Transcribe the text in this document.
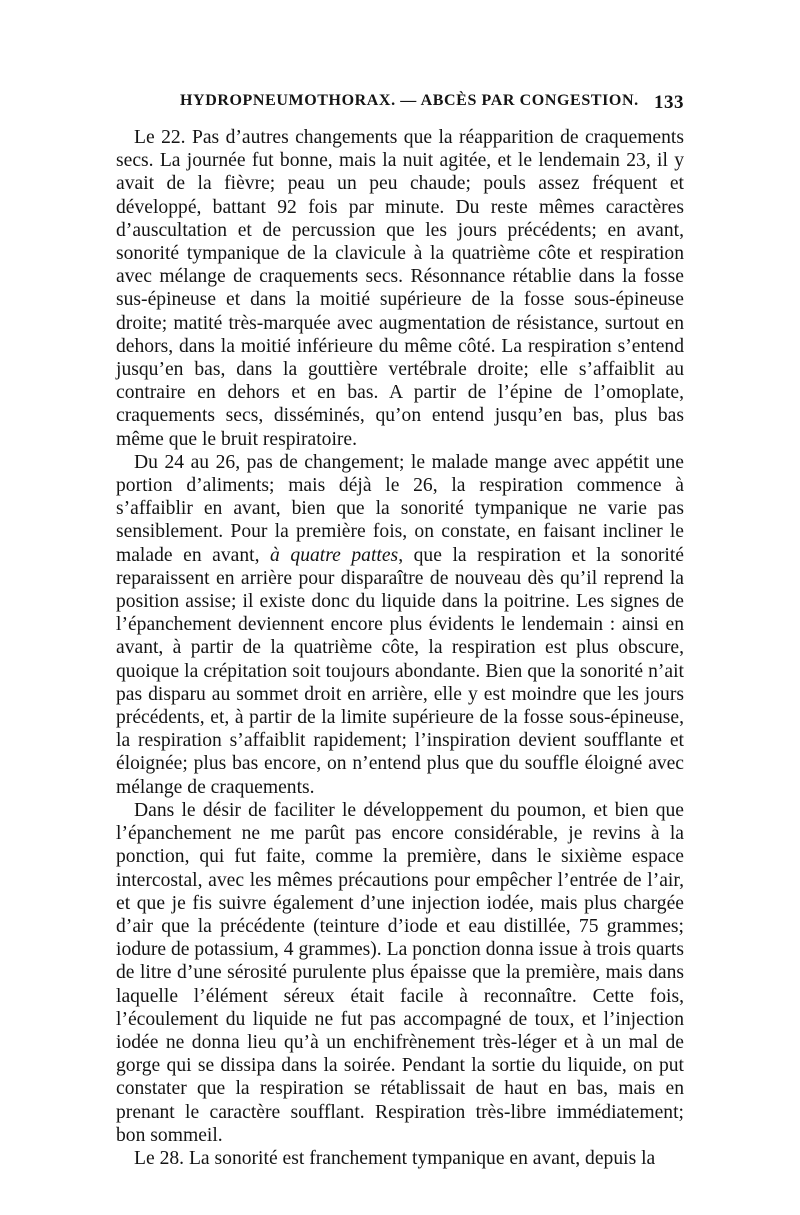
HYDROPNEUMOTHORAX. — ABCÈS PAR CONGESTION. 133

Le 22. Pas d’autres changements que la réapparition de craquements secs. La journée fut bonne, mais la nuit agitée, et le lendemain 23, il y avait de la fièvre; peau un peu chaude; pouls assez fréquent et développé, battant 92 fois par minute. Du reste mêmes caractères d’auscultation et de percussion que les jours précédents; en avant, sonorité tympanique de la clavicule à la quatrième côte et respiration avec mélange de craquements secs. Résonnance rétablie dans la fosse sus-épineuse et dans la moitié supérieure de la fosse sous-épineuse droite; matité très-marquée avec augmentation de résistance, surtout en dehors, dans la moitié inférieure du même côté. La respiration s’entend jusqu’en bas, dans la gouttière vertébrale droite; elle s’affaiblit au contraire en dehors et en bas. A partir de l’épine de l’omoplate, craquements secs, disséminés, qu’on entend jusqu’en bas, plus bas même que le bruit respiratoire.

Du 24 au 26, pas de changement; le malade mange avec appétit une portion d’aliments; mais déjà le 26, la respiration commence à s’affaiblir en avant, bien que la sonorité tympanique ne varie pas sensiblement. Pour la première fois, on constate, en faisant incliner le malade en avant, à quatre pattes, que la respiration et la sonorité reparaissent en arrière pour disparaître de nouveau dès qu’il reprend la position assise; il existe donc du liquide dans la poitrine. Les signes de l’épanchement deviennent encore plus évidents le lendemain : ainsi en avant, à partir de la quatrième côte, la respiration est plus obscure, quoique la crépitation soit toujours abondante. Bien que la sonorité n’ait pas disparu au sommet droit en arrière, elle y est moindre que les jours précédents, et, à partir de la limite supérieure de la fosse sous-épineuse, la respiration s’affaiblit rapidement; l’inspiration devient soufflante et éloignée; plus bas encore, on n’entend plus que du souffle éloigné avec mélange de craquements.

Dans le désir de faciliter le développement du poumon, et bien que l’épanchement ne me parût pas encore considérable, je revins à la ponction, qui fut faite, comme la première, dans le sixième espace intercostal, avec les mêmes précautions pour empêcher l’entrée de l’air, et que je fis suivre également d’une injection iodée, mais plus chargée d’air que la précédente (teinture d’iode et eau distillée, 75 grammes; iodure de potassium, 4 grammes). La ponction donna issue à trois quarts de litre d’une sérosité purulente plus épaisse que la première, mais dans laquelle l’élément séreux était facile à reconnaître. Cette fois, l’écoulement du liquide ne fut pas accompagné de toux, et l’injection iodée ne donna lieu qu’à un enchifrènement très-léger et à un mal de gorge qui se dissipa dans la soirée. Pendant la sortie du liquide, on put constater que la respiration se rétablissait de haut en bas, mais en prenant le caractère soufflant. Respiration très-libre immédiatement; bon sommeil.

Le 28. La sonorité est franchement tympanique en avant, depuis la
